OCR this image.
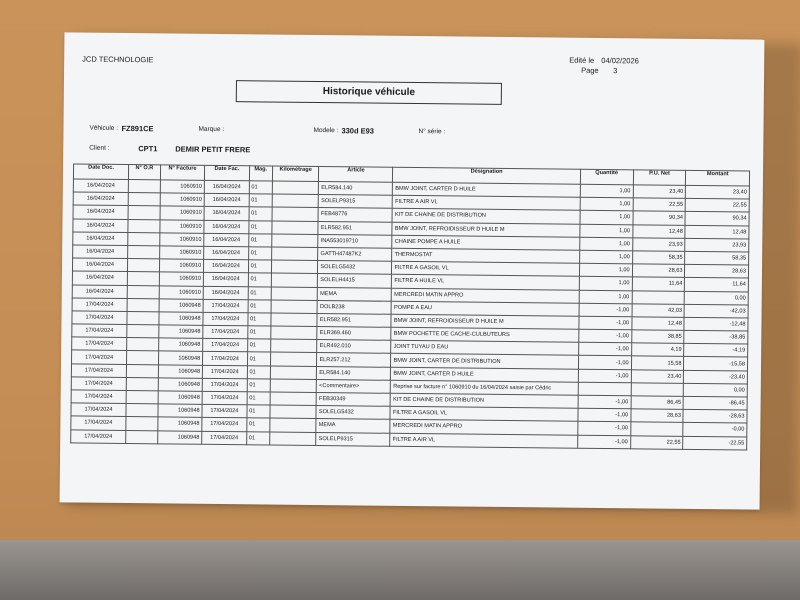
JCD TECHNOLOGIE	Edité le 04/02/2026
Page 3
Historique véhicule
Véhicule : FZ891CE	Marque :	Modele : 330d E93	N° série :
Client :	CPT1 DEMIR PETIT FRERE
Date Doc.	N° O.R	N° Facture	Date Fac.	Mag.	Kilométrage	Article	Désignation	Quantité	P.U. Net	Montant
16/04/2024		1060910	16/04/2024	01		ELR584.140	BMW JOINT, CARTER D HUILE	1,00	23,40	23,40
16/04/2024		1060910	16/04/2024	01		SOLELP9315	FILTRE A AIR VL	1,00	22,55	22,55
16/04/2024		1060910	16/04/2024	01		FEB48776	KIT DE CHAINE DE DISTRIBUTION	1,00	90,34	90,34
16/04/2024		1060910	16/04/2024	01		ELR582.951	BMW JOINT, REFROIDISSEUR D HUILE M	1,00	12,48	12,48
16/04/2024		1060910	16/04/2024	01		INA553019710	CHAINE POMPE A HUILE	1,00	23,93	23,93
16/04/2024		1060910	16/04/2024	01		GATTH47487K2	THERMOSTAT	1,00	58,35	58,35
16/04/2024		1060910	16/04/2024	01		SOLELG5432	FILTRE A GASOIL VL	1,00	28,63	28,63
16/04/2024		1060910	16/04/2024	01		SOLELH4415	FILTRE A HUILE VL	1,00	11,64	11,64
16/04/2024		1060910	16/04/2024	01		MEMA	MERCREDI MATIN APPRO	1,00		0,00
17/04/2024		1060948	17/04/2024	01		DOLB238	POMPE A EAU	-1,00	42,03	-42,03
17/04/2024		1060948	17/04/2024	01		ELR582.951	BMW JOINT, REFROIDISSEUR D HUILE M	-1,00	12,48	-12,48
17/04/2024		1060948	17/04/2024	01		ELR369.460	BMW POCHETTE DE CACHE-CULBUTEURS	-1,00	38,85	-38,85
17/04/2024		1060948	17/04/2024	01		ELR492.010	JOINT TUYAU D EAU	-1,00	4,19	-4,19
17/04/2024		1060948	17/04/2024	01		ELR257.212	BMW JOINT, CARTER DE DISTRIBUTION	-1,00	15,58	-15,58
17/04/2024		1060948	17/04/2024	01		ELR584.140	BMW JOINT, CARTER D HUILE	-1,00	23,40	-23,40
17/04/2024		1060948	17/04/2024	01		<Commentaire>	Reprise sur facture n° 1060910 du 16/04/2024 saisie par Cédric			0,00
17/04/2024		1060948	17/04/2024	01		FEB30349	KIT DE CHAINE DE DISTRIBUTION	-1,00	86,45	-86,45
17/04/2024		1060948	17/04/2024	01		SOLELG5432	FILTRE A GASOIL VL	-1,00	28,63	-28,63
17/04/2024		1060948	17/04/2024	01		MEMA	MERCREDI MATIN APPRO	-1,00		-0,00
17/04/2024		1060948	17/04/2024	01		SOLELP9315	FILTRE A AIR VL	-1,00	22,55	-22,55
